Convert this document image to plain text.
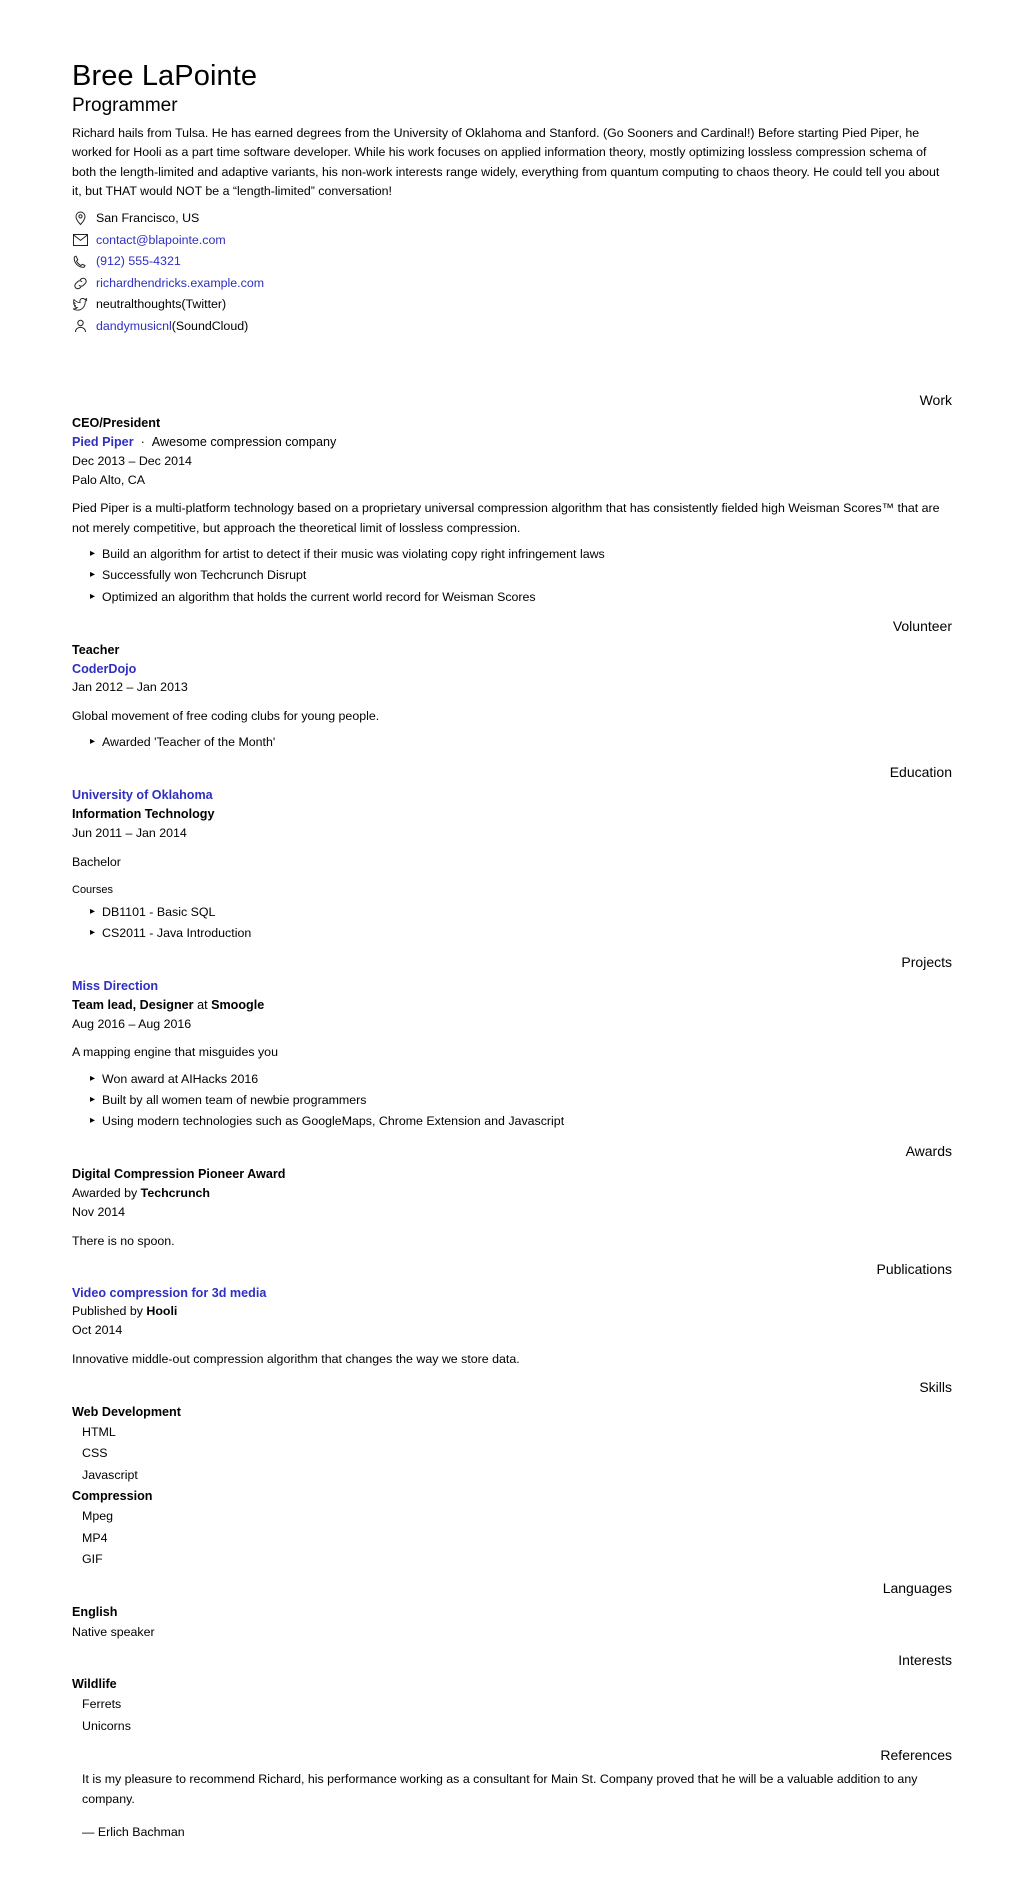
Bree LaPointe
Programmer

Richard hails from Tulsa. He has earned degrees from the University of Oklahoma and Stanford. (Go Sooners and Cardinal!) Before starting Pied Piper, he worked for Hooli as a part time software developer. While his work focuses on applied information theory, mostly optimizing lossless compression schema of both the length-limited and adaptive variants, his non-work interests range widely, everything from quantum computing to chaos theory. He could tell you about it, but THAT would NOT be a “length-limited” conversation!

San Francisco, US
contact@blapointe.com
(912) 555-4321
richardhendricks.example.com
neutralthoughts (Twitter)
dandymusicnl (SoundCloud)
Work

CEO/President

Pied Piper · Awesome compression company

Dec 2013 – Dec 2014

Palo Alto, CA

Pied Piper is a multi-platform technology based on a proprietary universal compression algorithm that has consistently fielded high Weisman Scores™ that are not merely competitive, but approach the theoretical limit of lossless compression.

▸ Build an algorithm for artist to detect if their music was violating copy right infringement laws
▸ Successfully won Techcrunch Disrupt
▸ Optimized an algorithm that holds the current world record for Weisman Scores
Volunteer

Teacher

CoderDojo

Jan 2012 – Jan 2013

Global movement of free coding clubs for young people.

▸ Awarded 'Teacher of the Month'
Education

University of Oklahoma

Information Technology

Jun 2011 – Jan 2014

Bachelor

Courses

▸ DB1101 - Basic SQL
▸ CS2011 - Java Introduction
Projects

Miss Direction

Team lead, Designer at Smoogle

Aug 2016 – Aug 2016

A mapping engine that misguides you

▸ Won award at AIHacks 2016
▸ Built by all women team of newbie programmers
▸ Using modern technologies such as GoogleMaps, Chrome Extension and Javascript
Awards

Digital Compression Pioneer Award

Awarded by Techcrunch

Nov 2014

There is no spoon.

Publications

Video compression for 3d media

Published by Hooli

Oct 2014

Innovative middle-out compression algorithm that changes the way we store data.

Skills

Web Development

HTML

CSS

Javascript

Compression

Mpeg

MP4

GIF

Languages

English

Native speaker

Interests

Wildlife

Ferrets

Unicorns

References

It is my pleasure to recommend Richard, his performance working as a consultant for Main St. Company proved that he will be a valuable addition to any company.

— Erlich Bachman
